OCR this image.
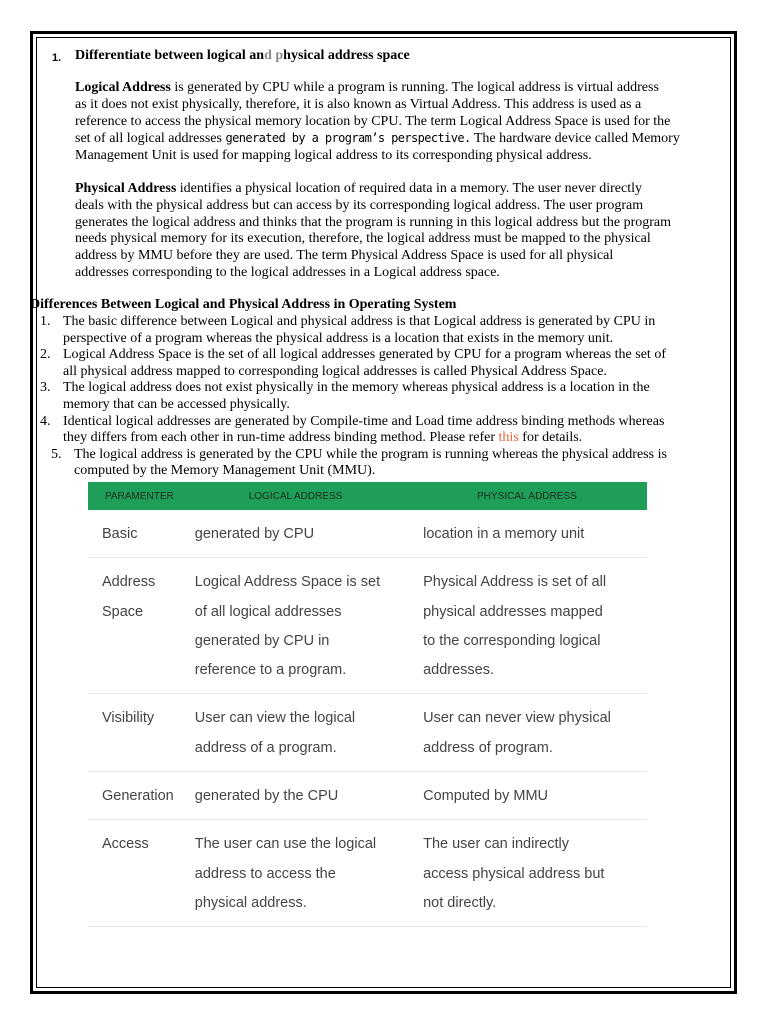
1. Differentiate between logical and physical address space
Logical Address is generated by CPU while a program is running. The logical address is virtual address
as it does not exist physically, therefore, it is also known as Virtual Address. This address is used as a
reference to access the physical memory location by CPU. The term Logical Address Space is used for the
set of all logical addresses generated by a program’s perspective. The hardware device called Memory
Management Unit is used for mapping logical address to its corresponding physical address.
Physical Address identifies a physical location of required data in a memory. The user never directly
deals with the physical address but can access by its corresponding logical address. The user program
generates the logical address and thinks that the program is running in this logical address but the program
needs physical memory for its execution, therefore, the logical address must be mapped to the physical
address by MMU before they are used. The term Physical Address Space is used for all physical
addresses corresponding to the logical addresses in a Logical address space.
Differences Between Logical and Physical Address in Operating System
1. The basic difference between Logical and physical address is that Logical address is generated by CPU in
perspective of a program whereas the physical address is a location that exists in the memory unit.
2. Logical Address Space is the set of all logical addresses generated by CPU for a program whereas the set of
all physical address mapped to corresponding logical addresses is called Physical Address Space.
3. The logical address does not exist physically in the memory whereas physical address is a location in the
memory that can be accessed physically.
4. Identical logical addresses are generated by Compile-time and Load time address binding methods whereas
they differs from each other in run-time address binding method. Please refer this for details.
5. The logical address is generated by the CPU while the program is running whereas the physical address is
computed by the Memory Management Unit (MMU).
PARAMENTER	LOGICAL ADDRESS	PHYSICAL ADDRESS

Basic	generated by CPU	location in a memory unit

Address
Space	Logical Address Space is set
of all logical addresses
generated by CPU in
reference to a program.	Physical Address is set of all
physical addresses mapped
to the corresponding logical
addresses.

Visibility	User can view the logical
address of a program.	User can never view physical
address of program.

Generation	generated by the CPU	Computed by MMU

Access	The user can use the logical
address to access the
physical address.	The user can indirectly
access physical address but
not directly.
